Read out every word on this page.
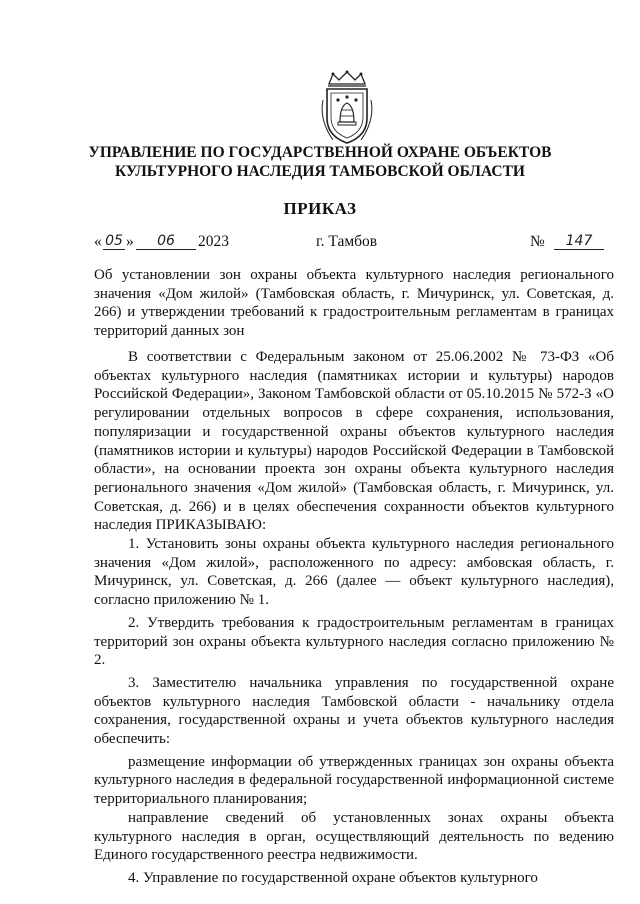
УПРАВЛЕНИЕ ПО ГОСУДАРСТВЕННОЙ ОХРАНЕ ОБЪЕКТОВ
КУЛЬТУРНОГО НАСЛЕДИЯ ТАМБОВСКОЙ ОБЛАСТИ
ПРИКАЗ
« 05 »	06	2023	г. Тамбов	№	147

Об установлении зон охраны объекта культурного наследия регионального значения «Дом жилой» (Тамбовская область, г. Мичуринск, ул. Советская, д. 266) и утверждении требований к градостроительным регламентам в границах территорий данных зон

В соответствии с Федеральным законом от 25.06.2002 № 73-ФЗ «Об объектах культурного наследия (памятниках истории и культуры) народов Российской Федерации», Законом Тамбовской области от 05.10.2015 № 572-З «О регулировании отдельных вопросов в сфере сохранения, использования, популяризации и государственной охраны объектов культурного наследия (памятников истории и культуры) народов Российской Федерации в Тамбовской области», на основании проекта зон охраны объекта культурного наследия регионального значения «Дом жилой» (Тамбовская область, г. Мичуринск, ул. Советская, д. 266) и в целях обеспечения сохранности объектов культурного наследия ПРИКАЗЫВАЮ:

1. Установить зоны охраны объекта культурного наследия регионального значения «Дом жилой», расположенного по адресу: амбовская область, г. Мичуринск, ул. Советская, д. 266 (далее — объект культурного наследия), согласно приложению № 1.

2. Утвердить требования к градостроительным регламентам в границах территорий зон охраны объекта культурного наследия согласно приложению № 2.

3. Заместителю начальника управления по государственной охране объектов культурного наследия Тамбовской области - начальнику отдела сохранения, государственной охраны и учета объектов культурного наследия обеспечить:

размещение информации об утвержденных границах зон охраны объекта культурного наследия в федеральной государственной информационной системе территориального планирования;

направление сведений об установленных зонах охраны объекта культурного наследия в орган, осуществляющий деятельность по ведению Единого государственного реестра недвижимости.

4. Управление по государственной охране объектов культурного
